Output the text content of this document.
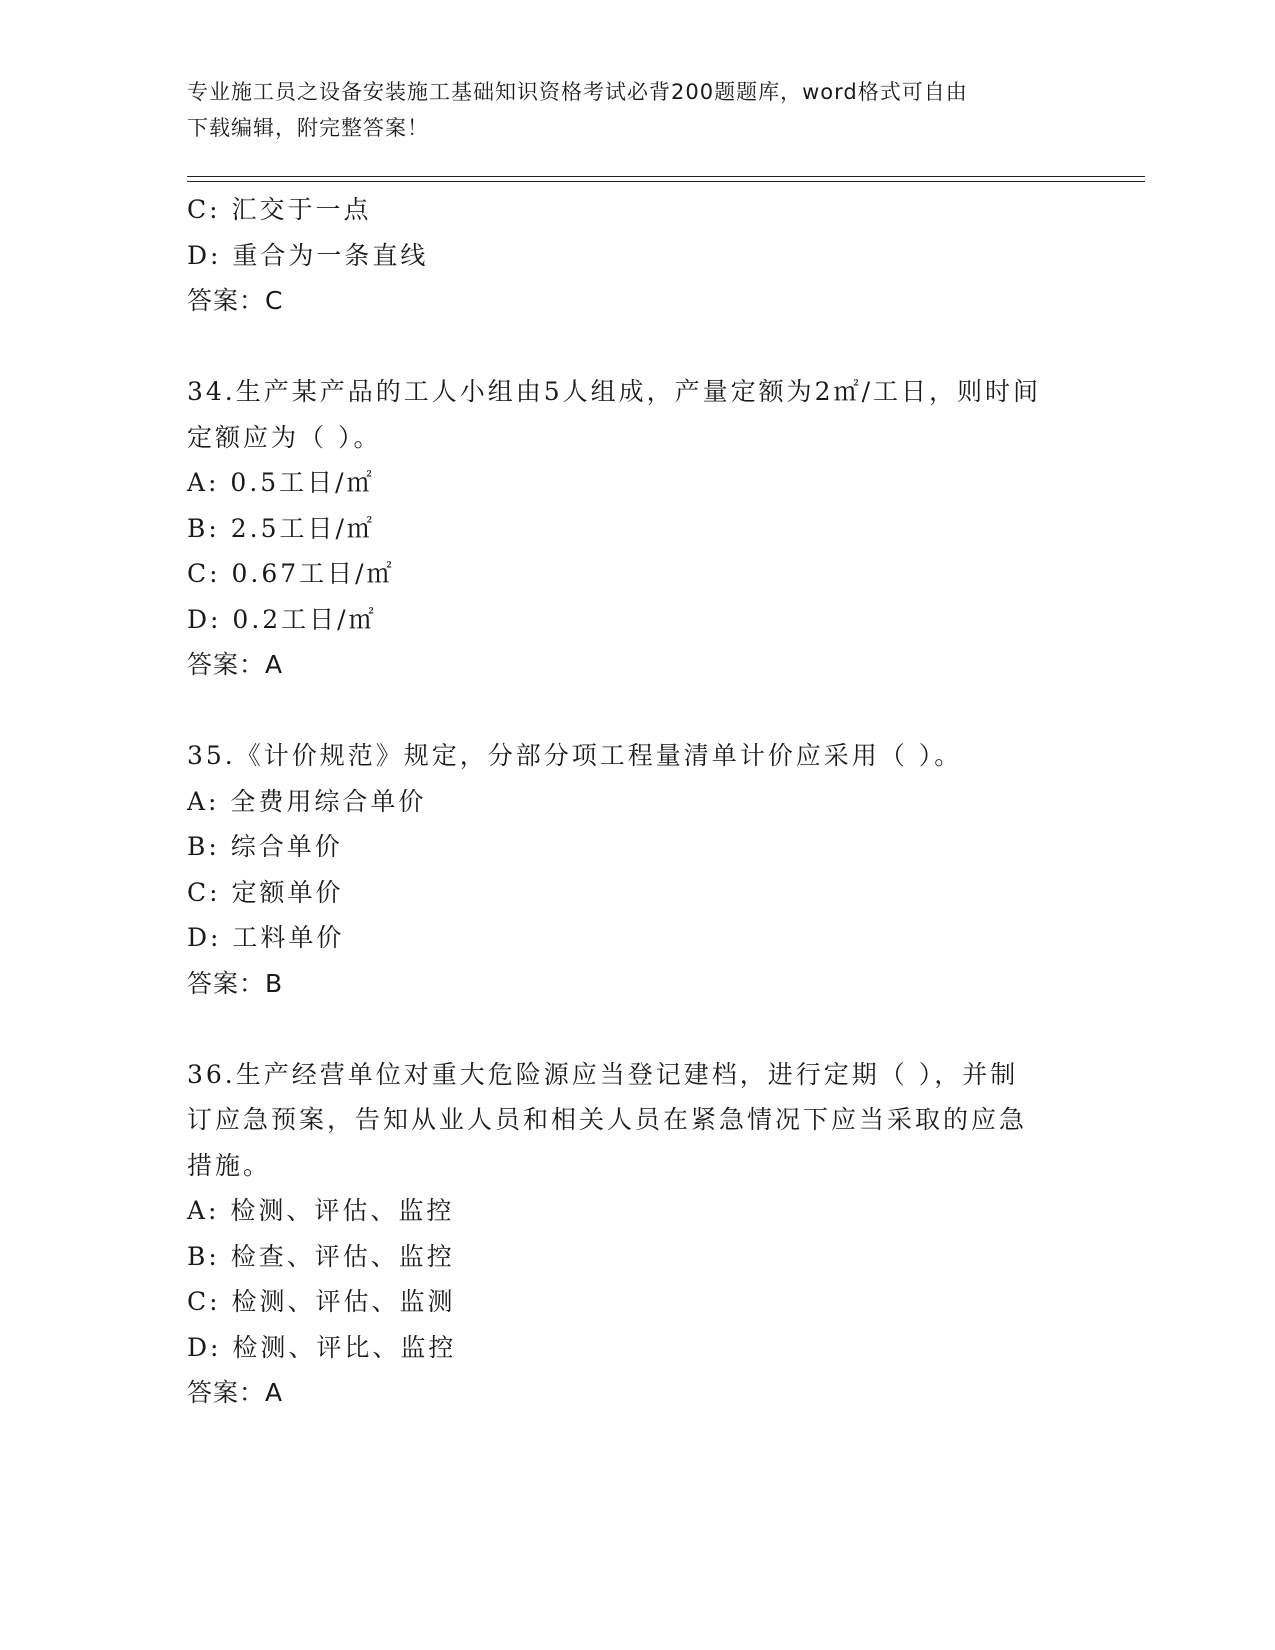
专业施工员之设备安装施工基础知识资格考试必背200题题库，word格式可自由
下载编辑，附完整答案！
C: 汇交于一点
D: 重合为一条直线
答案：C
34.生产某产品的工人小组由5人组成，产量定额为2㎡/工日，则时间
定额应为（ ）。
A: 0.5工日/㎡
B: 2.5工日/㎡
C: 0.67工日/㎡
D: 0.2工日/㎡
答案：A
35.《计价规范》规定，分部分项工程量清单计价应采用（ ）。
A: 全费用综合单价
B: 综合单价
C: 定额单价
D: 工料单价
答案：B
36.生产经营单位对重大危险源应当登记建档，进行定期（ ），并制
订应急预案，告知从业人员和相关人员在紧急情况下应当采取的应急
措施。
A: 检测、评估、监控
B: 检查、评估、监控
C: 检测、评估、监测
D: 检测、评比、监控
答案：A
